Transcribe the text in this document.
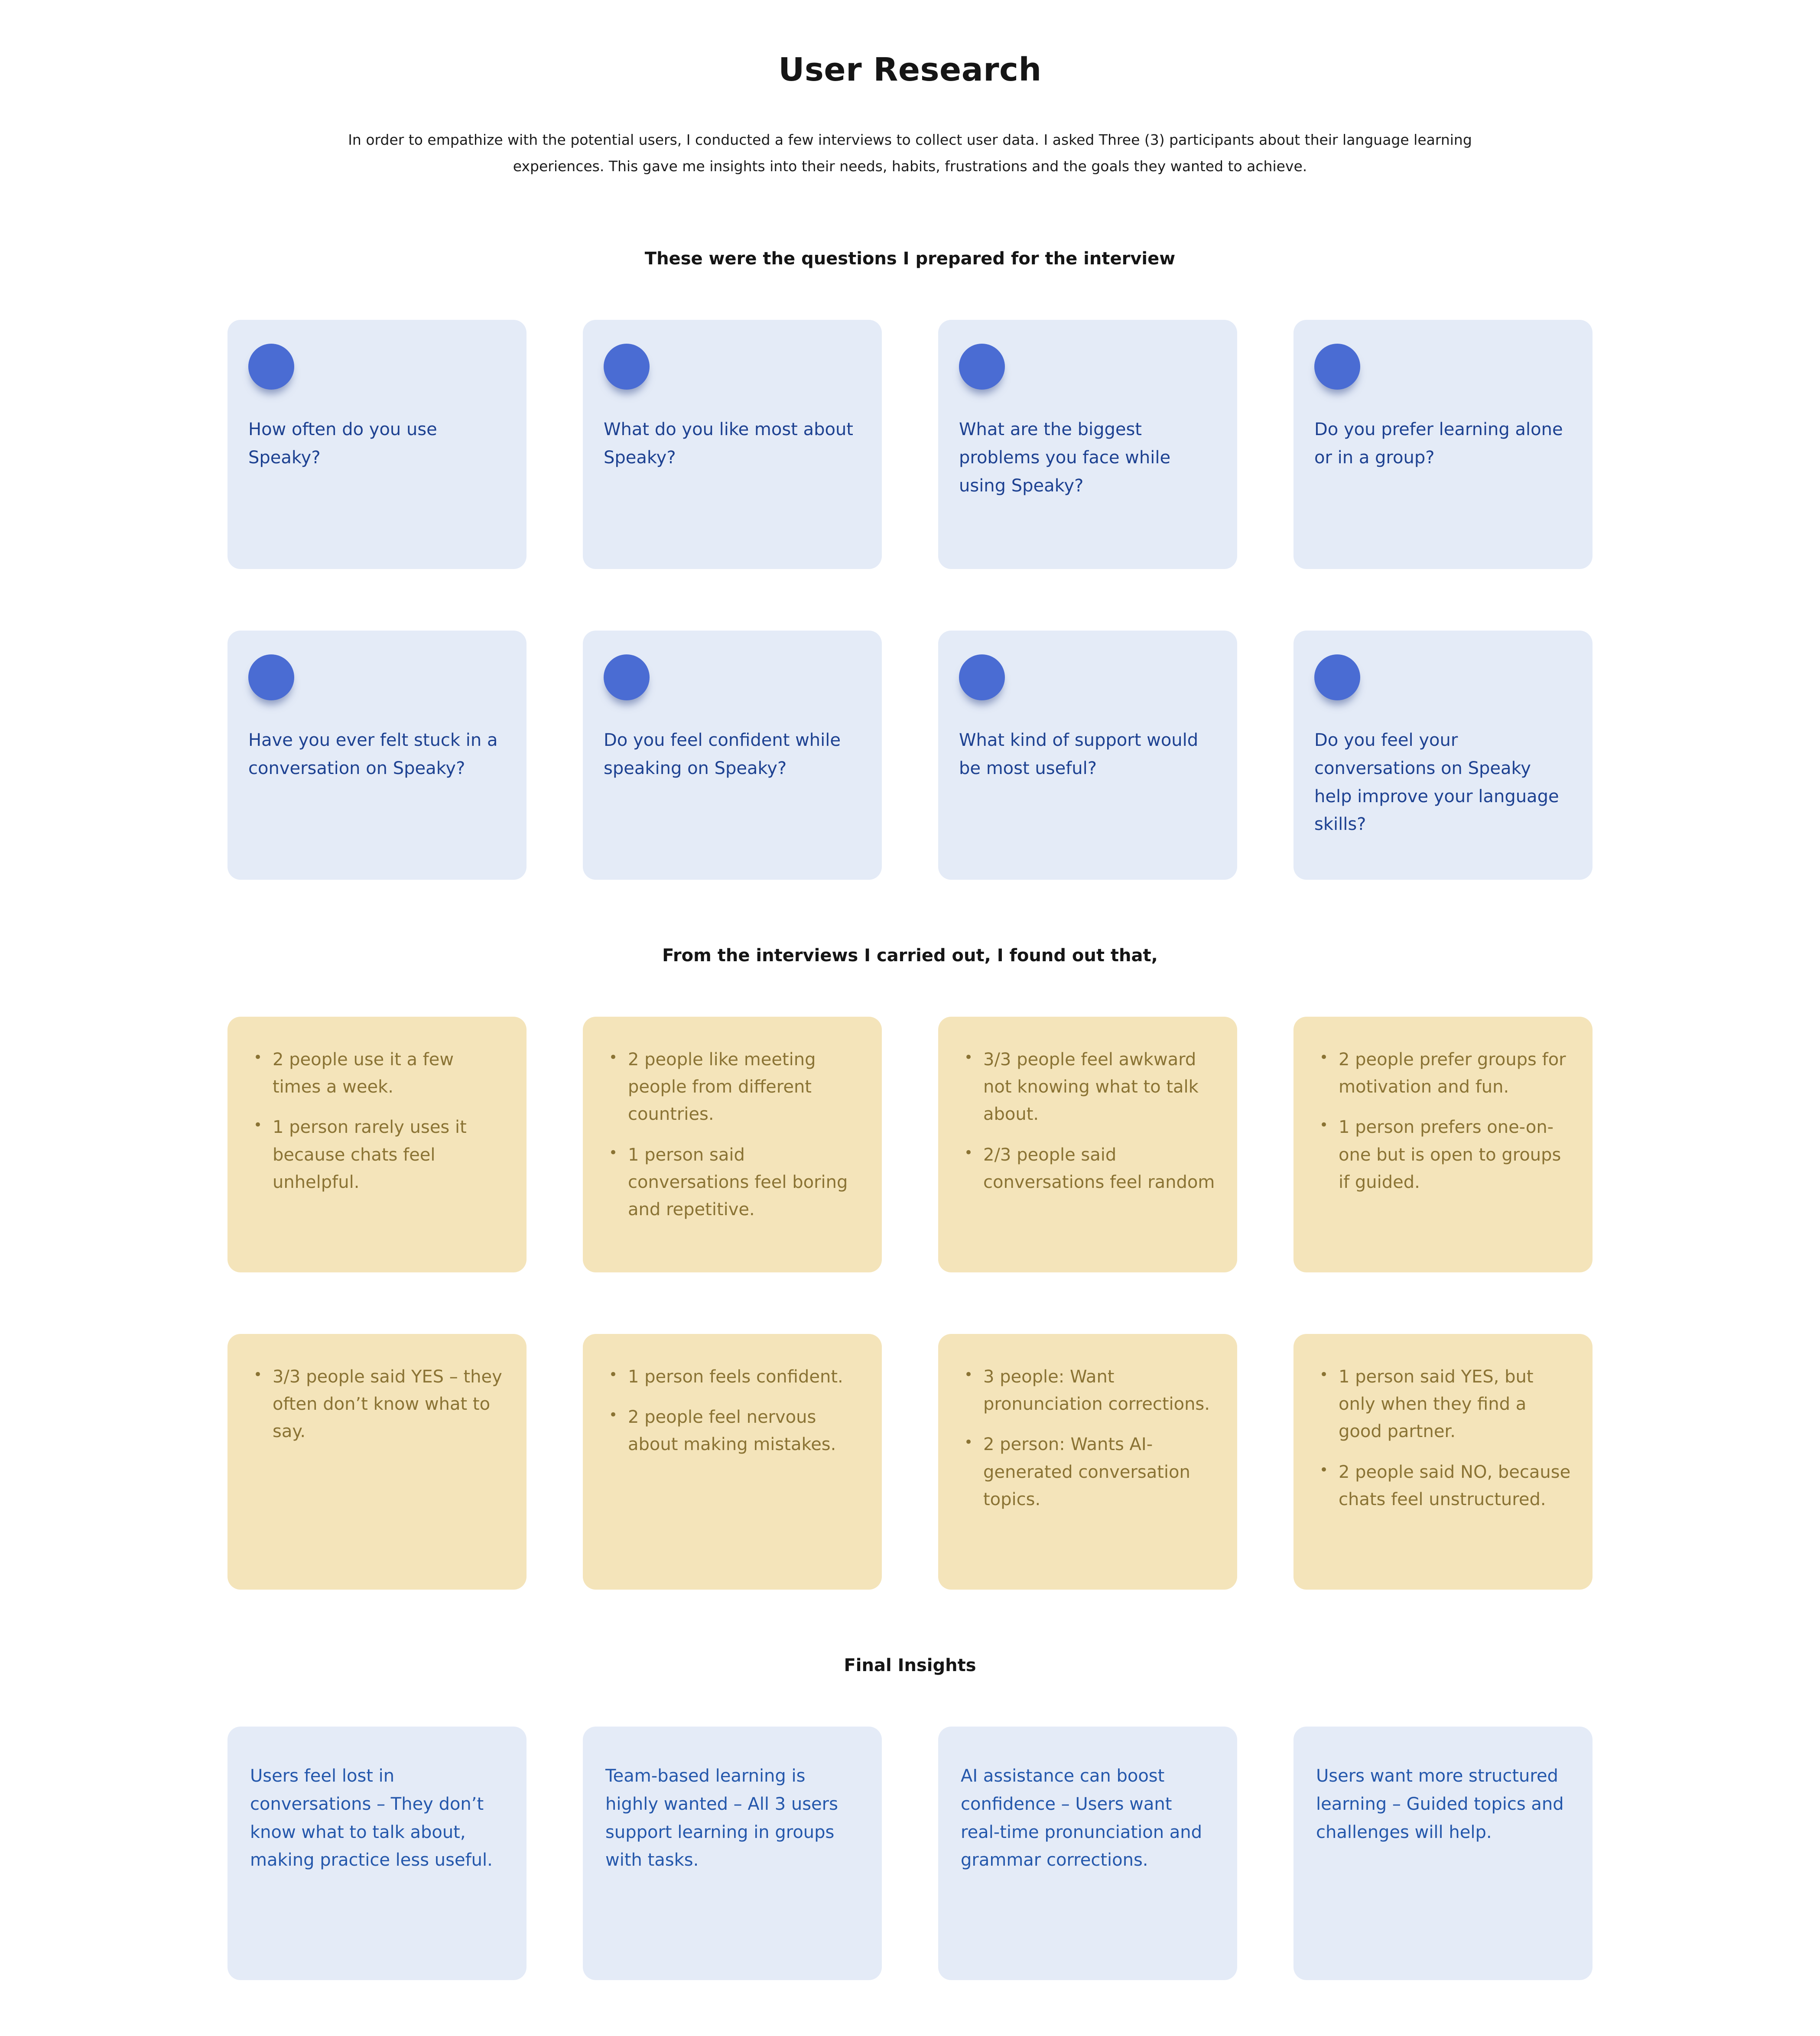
User Research

In order to empathize with the potential users, I conducted a few interviews to collect user data. I asked Three (3) participants about their language learning experiences. This gave me insights into their needs, habits, frustrations and the goals they wanted to achieve.

These were the questions I prepared for the interview
How often do you use Speaky?
What do you like most about Speaky?
What are the biggest problems you face while using Speaky?
Do you prefer learning alone or in a group?
Have you ever felt stuck in a conversation on Speaky?
Do you feel confident while speaking on Speaky?
What kind of support would be most useful?
Do you feel your conversations on Speaky help improve your language skills?
From the interviews I carried out, I found out that,
• 2 people use it a few times a week.
• 1 person rarely uses it because chats feel unhelpful.
• 2 people like meeting people from different countries.
• 1 person said conversations feel boring and repetitive.
• 3/3 people feel awkward not knowing what to talk about.
• 2/3 people said conversations feel random
• 2 people prefer groups for motivation and fun.
• 1 person prefers one-on-one but is open to groups if guided.
• 3/3 people said YES – they often don’t know what to say.
• 1 person feels confident.
• 2 people feel nervous about making mistakes.
• 3 people: Want pronunciation corrections.
• 2 person: Wants AI-generated conversation topics.
• 1 person said YES, but only when they find a good partner.
• 2 people said NO, because chats feel unstructured.
Final Insights
Users feel lost in conversations – They don’t know what to talk about, making practice less useful.
Team-based learning is highly wanted – All 3 users support learning in groups with tasks.
AI assistance can boost confidence – Users want real-time pronunciation and grammar corrections.
Users want more structured learning – Guided topics and challenges will help.
